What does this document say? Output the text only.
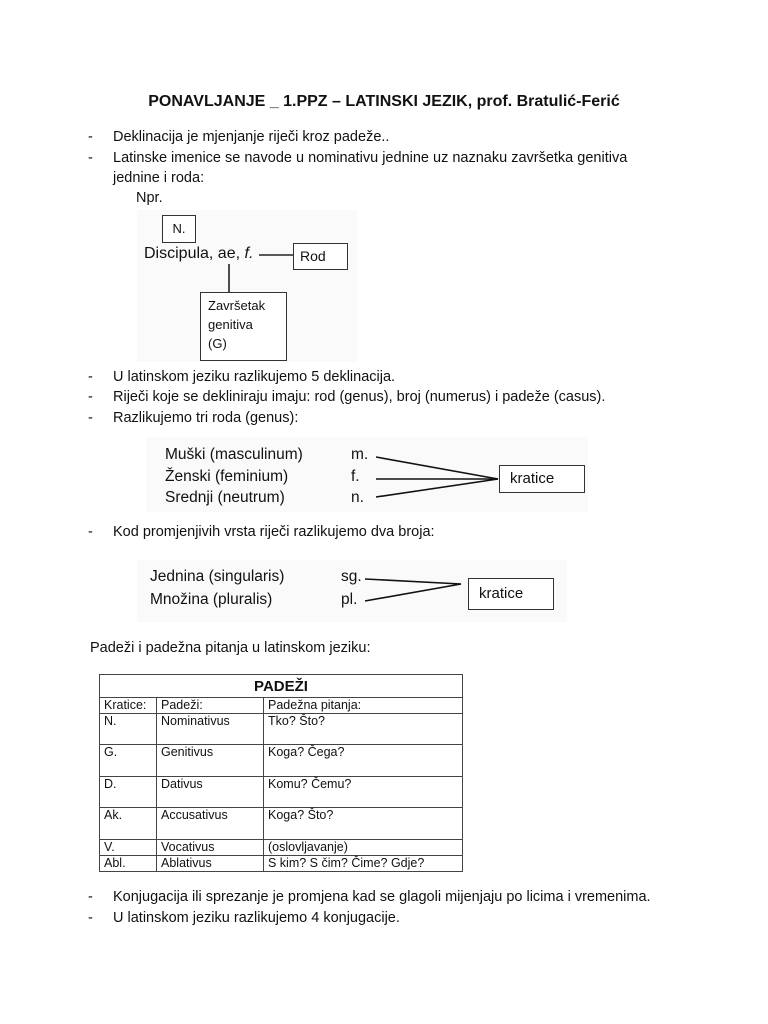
PONAVLJANJE _ 1.PPZ – LATINSKI JEZIK, prof. Bratulić-Ferić
-	Deklinacija je mjenjanje riječi kroz padeže..
-	Latinske imenice se navode u nominativu jednine uz naznaku završetka genitiva
jednine i roda:
Npr.
N.
Discipula, ae, f.	Rod
Završetak
genitiva
(G)
-	U latinskom jeziku razlikujemo 5 deklinacija.
-	Riječi koje se dekliniraju imaju: rod (genus), broj (numerus) i padeže (casus).
-	Razlikujemo tri roda (genus):
Muški (masculinum)
Ženski (feminium)
Srednji (neutrum)
m.
f.
n.
kratice
-	Kod promjenjivih vrsta riječi razlikujemo dva broja:
Jednina (singularis)
Množina (pluralis)
sg.
pl.	kratice
Padeži i padežna pitanja u latinskom jeziku:
PADEŽI		
Kratice:	Padeži:	Padežna pitanja:
N.	Nominativus	Tko? Što?
G.	Genitivus	Koga? Čega?
D.	Dativus	Komu? Čemu?
Ak.	Accusativus	Koga? Što?
V.	Vocativus	(oslovljavanje)
Abl.	Ablativus	S kim? S čim? Čime? Gdje?
-	Konjugacija ili sprezanje je promjena kad se glagoli mijenjaju po licima i vremenima.
-	U latinskom jeziku razlikujemo 4 konjugacije.
